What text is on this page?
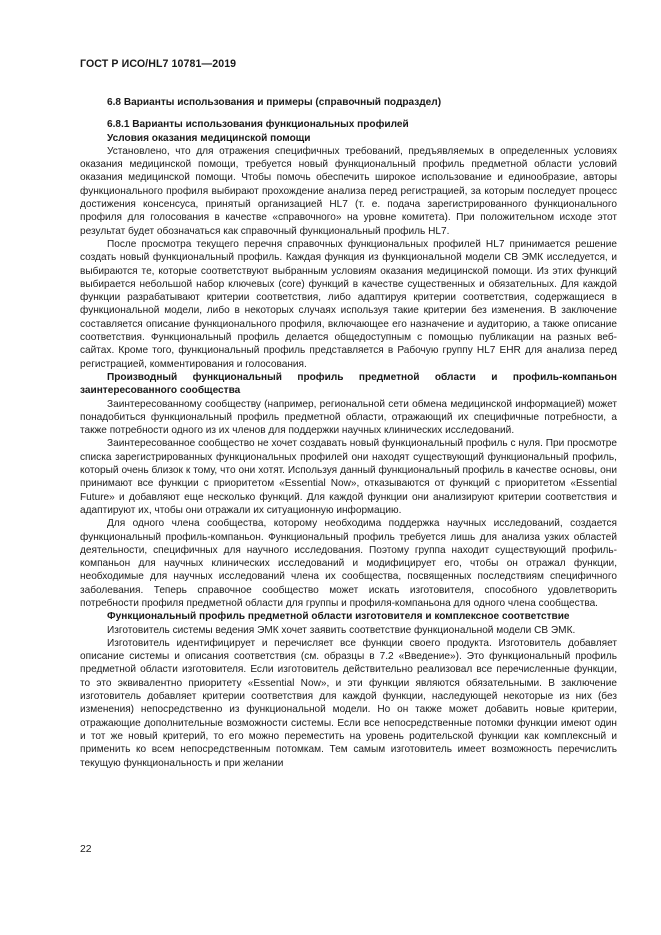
ГОСТ Р ИСО/HL7 10781—2019

6.8 Варианты использования и примеры (справочный подраздел)

6.8.1 Варианты использования функциональных профилей

Условия оказания медицинской помощи

Установлено, что для отражения специфичных требований, предъявляемых в определенных условиях оказания медицинской помощи, требуется новый функциональный профиль предметной области условий оказания медицинской помощи. Чтобы помочь обеспечить широкое использование и единообразие, авторы функционального профиля выбирают прохождение анализа перед регистрацией, за которым последует процесс достижения консенсуса, принятый организацией HL7 (т. е. подача зарегистрированного функционального профиля для голосования в качестве «справочного» на уровне комитета). При положительном исходе этот результат будет обозначаться как справочный функциональный профиль HL7.

После просмотра текущего перечня справочных функциональных профилей HL7 принимается решение создать новый функциональный профиль. Каждая функция из функциональной модели СВ ЭМК исследуется, и выбираются те, которые соответствуют выбранным условиям оказания медицинской помощи. Из этих функций выбирается небольшой набор ключевых (core) функций в качестве существенных и обязательных. Для каждой функции разрабатывают критерии соответствия, либо адаптируя критерии соответствия, содержащиеся в функциональной модели, либо в некоторых случаях используя такие критерии без изменения. В заключение составляется описание функционального профиля, включающее его назначение и аудиторию, а также описание соответствия. Функциональный профиль делается общедоступным с помощью публикации на разных веб-сайтах. Кроме того, функциональный профиль представляется в Рабочую группу HL7 EHR для анализа перед регистрацией, комментирования и голосования.

Производный функциональный профиль предметной области и профиль-компаньон заинтересованного сообщества

Заинтересованному сообществу (например, региональной сети обмена медицинской информацией) может понадобиться функциональный профиль предметной области, отражающий их специфичные потребности, а также потребности одного из их членов для поддержки научных клинических исследований.

Заинтересованное сообщество не хочет создавать новый функциональный профиль с нуля. При просмотре списка зарегистрированных функциональных профилей они находят существующий функциональный профиль, который очень близок к тому, что они хотят. Используя данный функциональный профиль в качестве основы, они принимают все функции с приоритетом «Essential Now», отказываются от функций с приоритетом «Essential Future» и добавляют еще несколько функций. Для каждой функции они анализируют критерии соответствия и адаптируют их, чтобы они отражали их ситуационную информацию.

Для одного члена сообщества, которому необходима поддержка научных исследований, создается функциональный профиль-компаньон. Функциональный профиль требуется лишь для анализа узких областей деятельности, специфичных для научного исследования. Поэтому группа находит существующий профиль-компаньон для научных клинических исследований и модифицирует его, чтобы он отражал функции, необходимые для научных исследований члена их сообщества, посвященных последствиям специфичного заболевания. Теперь справочное сообщество может искать изготовителя, способного удовлетворить потребности профиля предметной области для группы и профиля-компаньона для одного члена сообщества.

Функциональный профиль предметной области изготовителя и комплексное соответствие

Изготовитель системы ведения ЭМК хочет заявить соответствие функциональной модели СВ ЭМК.

Изготовитель идентифицирует и перечисляет все функции своего продукта. Изготовитель добавляет описание системы и описания соответствия (см. образцы в 7.2 «Введение»). Это функциональный профиль предметной области изготовителя. Если изготовитель действительно реализовал все перечисленные функции, то это эквивалентно приоритету «Essential Now», и эти функции являются обязательными. В заключение изготовитель добавляет критерии соответствия для каждой функции, наследующей некоторые из них (без изменения) непосредственно из функциональной модели. Но он также может добавить новые критерии, отражающие дополнительные возможности системы. Если все непосредственные потомки функции имеют один и тот же новый критерий, то его можно переместить на уровень родительской функции как комплексный и применить ко всем непосредственным потомкам. Тем самым изготовитель имеет возможность перечислить текущую функциональность и при желании

22
